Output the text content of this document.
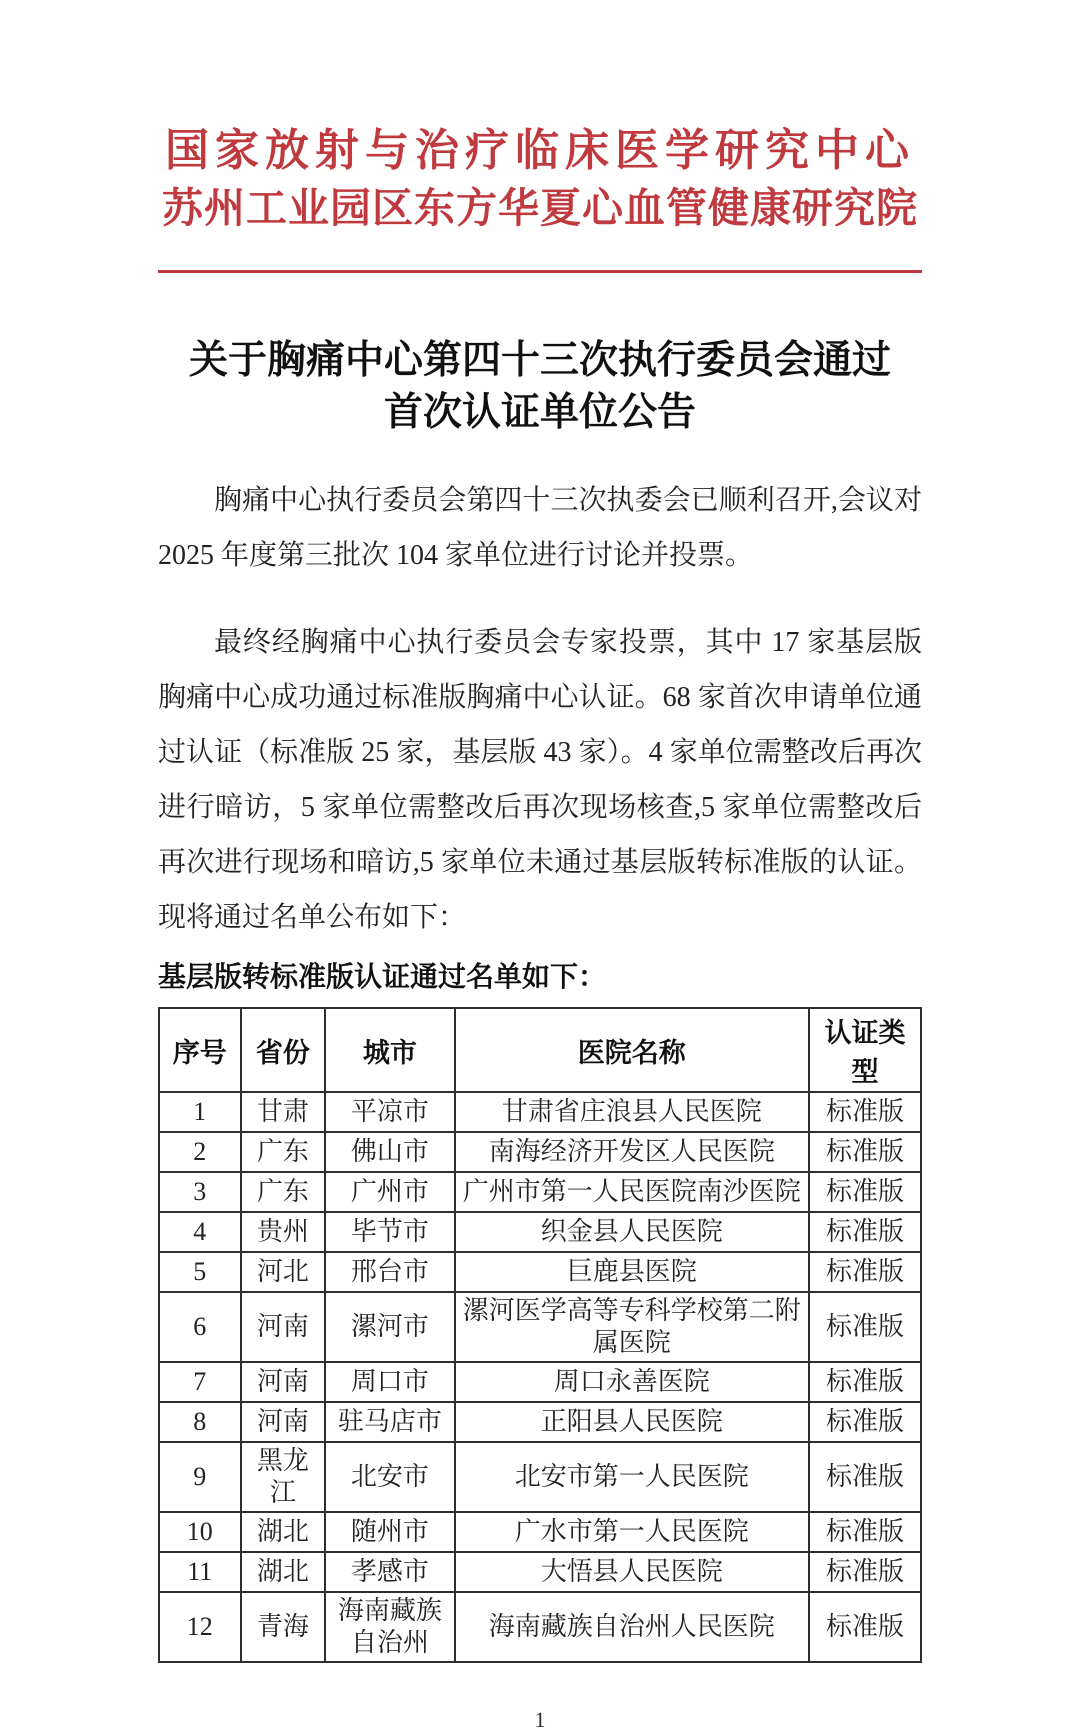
国家放射与治疗临床医学研究中心
苏州工业园区东方华夏心血管健康研究院
关于胸痛中心第四十三次执行委员会通过
首次认证单位公告

胸痛中心执行委员会第四十三次执委会已顺利召开,会议对 2025 年度第三批次 104 家单位进行讨论并投票。

最终经胸痛中心执行委员会专家投票，其中 17 家基层版胸痛中心成功通过标准版胸痛中心认证。68 家首次申请单位通过认证（标准版 25 家，基层版 43 家）。4 家单位需整改后再次进行暗访，5 家单位需整改后再次现场核查,5 家单位需整改后再次进行现场和暗访,5 家单位未通过基层版转标准版的认证。现将通过名单公布如下：

基层版转标准版认证通过名单如下：
序号	省份	城市	医院名称	认证类型
1	甘肃	平凉市	甘肃省庄浪县人民医院	标准版
2	广东	佛山市	南海经济开发区人民医院	标准版
3	广东	广州市	广州市第一人民医院南沙医院	标准版
4	贵州	毕节市	织金县人民医院	标准版
5	河北	邢台市	巨鹿县医院	标准版
6	河南	漯河市	漯河医学高等专科学校第二附属医院	标准版
7	河南	周口市	周口永善医院	标准版
8	河南	驻马店市	正阳县人民医院	标准版
9	黑龙江	北安市	北安市第一人民医院	标准版
10	湖北	随州市	广水市第一人民医院	标准版
11	湖北	孝感市	大悟县人民医院	标准版
12	青海	海南藏族自治州	海南藏族自治州人民医院	标准版
1
